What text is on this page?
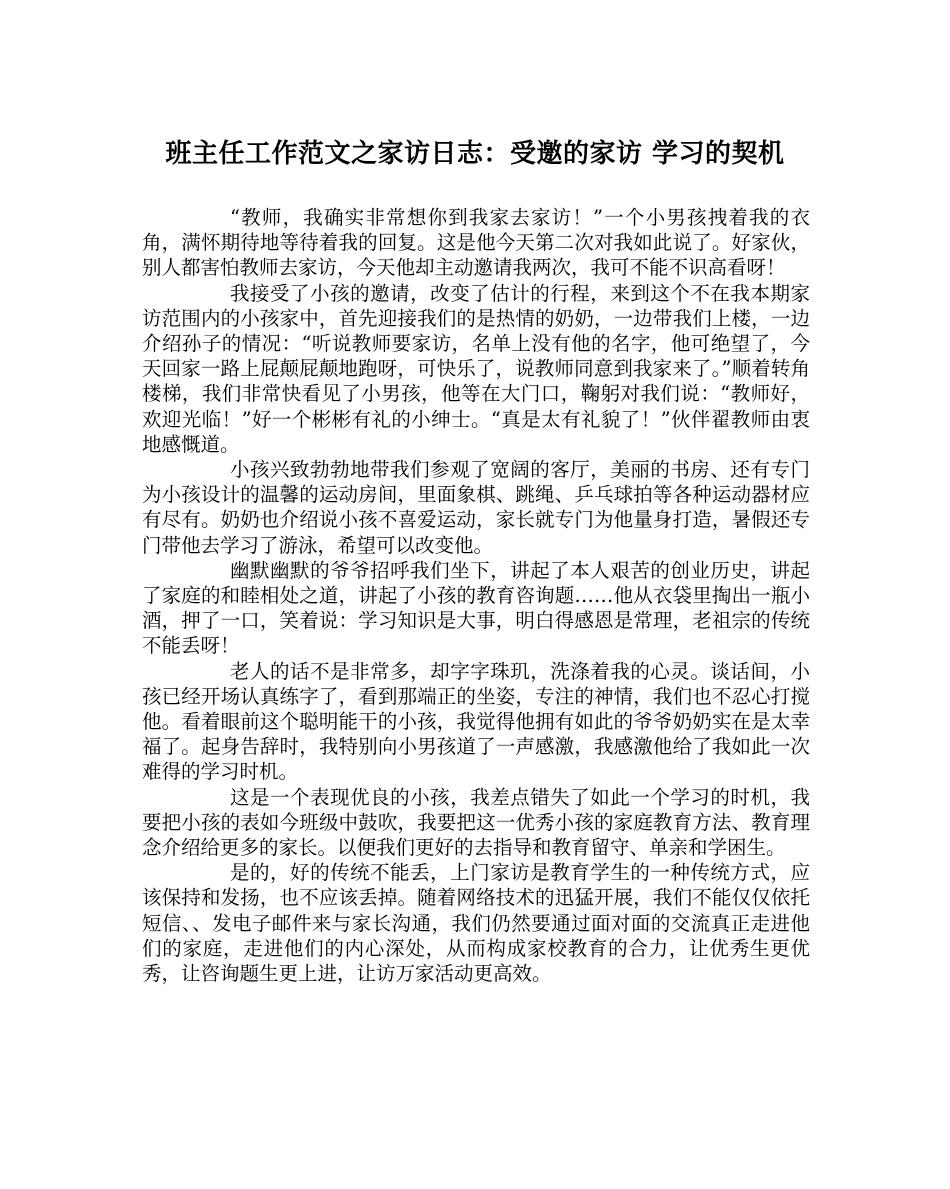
班主任工作范文之家访日志：受邀的家访 学习的契机

“教师，我确实非常想你到我家去家访！”一个小男孩拽着我的衣角，满怀期待地等待着我的回复。这是他今天第二次对我如此说了。好家伙，别人都害怕教师去家访，今天他却主动邀请我两次，我可不能不识高看呀！

我接受了小孩的邀请，改变了估计的行程，来到这个不在我本期家访范围内的小孩家中，首先迎接我们的是热情的奶奶，一边带我们上楼，一边介绍孙子的情况：“听说教师要家访，名单上没有他的名字，他可绝望了，今天回家一路上屁颠屁颠地跑呀，可快乐了，说教师同意到我家来了。”顺着转角楼梯，我们非常快看见了小男孩，他等在大门口，鞠躬对我们说：“教师好，欢迎光临！”好一个彬彬有礼的小绅士。“真是太有礼貌了！”伙伴翟教师由衷地感慨道。

小孩兴致勃勃地带我们参观了宽阔的客厅，美丽的书房、还有专门为小孩设计的温馨的运动房间，里面象棋、跳绳、乒乓球拍等各种运动器材应有尽有。奶奶也介绍说小孩不喜爱运动，家长就专门为他量身打造，暑假还专门带他去学习了游泳，希望可以改变他。

幽默幽默的爷爷招呼我们坐下，讲起了本人艰苦的创业历史，讲起了家庭的和睦相处之道，讲起了小孩的教育咨询题……他从衣袋里掏出一瓶小酒，押了一口，笑着说：学习知识是大事，明白得感恩是常理，老祖宗的传统不能丢呀！

老人的话不是非常多，却字字珠玑，洗涤着我的心灵。谈话间，小孩已经开场认真练字了，看到那端正的坐姿，专注的神情，我们也不忍心打搅他。看着眼前这个聪明能干的小孩，我觉得他拥有如此的爷爷奶奶实在是太幸福了。起身告辞时，我特别向小男孩道了一声感激，我感激他给了我如此一次难得的学习时机。

这是一个表现优良的小孩，我差点错失了如此一个学习的时机，我要把小孩的表如今班级中鼓吹，我要把这一优秀小孩的家庭教育方法、教育理念介绍给更多的家长。以便我们更好的去指导和教育留守、单亲和学困生。

是的，好的传统不能丢，上门家访是教育学生的一种传统方式，应该保持和发扬，也不应该丢掉。随着网络技术的迅猛开展，我们不能仅仅依托短信、、发电子邮件来与家长沟通，我们仍然要通过面对面的交流真正走进他们的家庭，走进他们的内心深处，从而构成家校教育的合力，让优秀生更优秀，让咨询题生更上进，让访万家活动更高效。
